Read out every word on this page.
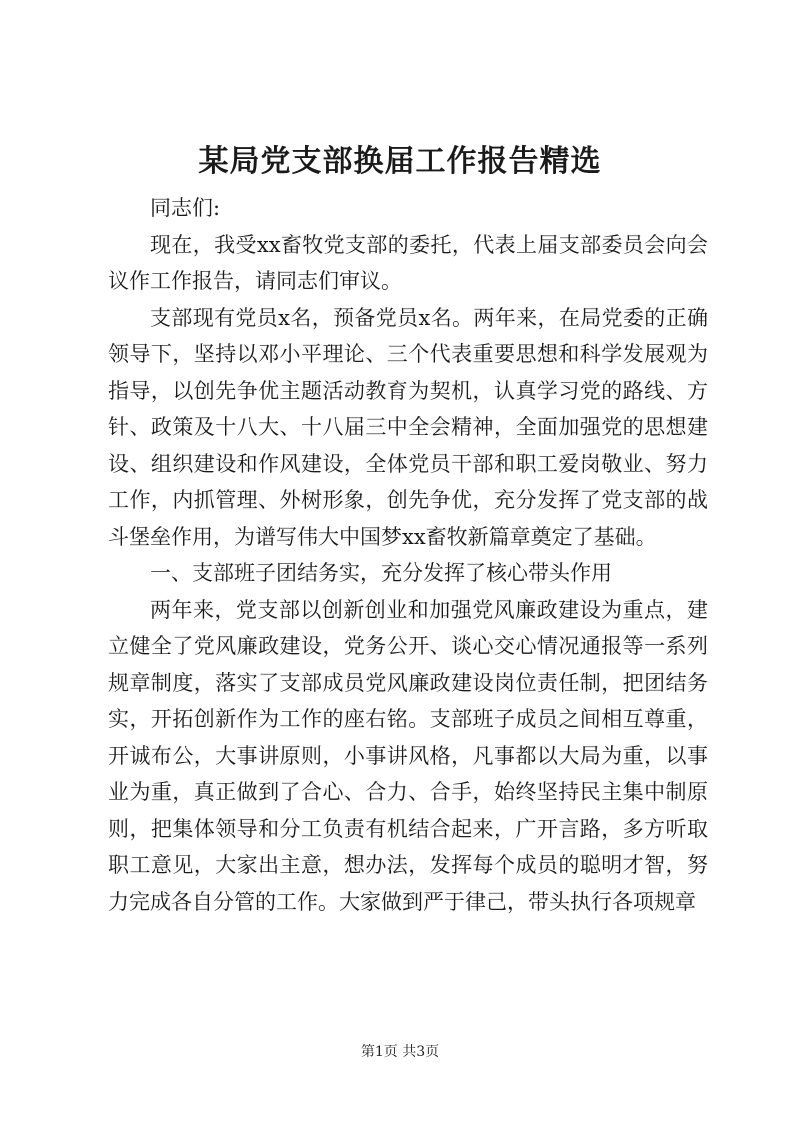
某局党支部换届工作报告精选

同志们:

现在，我受xx畜牧党支部的委托，代表上届支部委员会向会议作工作报告，请同志们审议。

支部现有党员x名，预备党员x名。两年来，在局党委的正确领导下，坚持以邓小平理论、三个代表重要思想和科学发展观为指导，以创先争优主题活动教育为契机，认真学习党的路线、方针、政策及十八大、十八届三中全会精神，全面加强党的思想建设、组织建设和作风建设，全体党员干部和职工爱岗敬业、努力工作，内抓管理、外树形象，创先争优，充分发挥了党支部的战斗堡垒作用，为谱写伟大中国梦xx畜牧新篇章奠定了基础。

一、支部班子团结务实，充分发挥了核心带头作用

两年来，党支部以创新创业和加强党风廉政建设为重点，建立健全了党风廉政建设，党务公开、谈心交心情况通报等一系列规章制度，落实了支部成员党风廉政建设岗位责任制，把团结务实，开拓创新作为工作的座右铭。支部班子成员之间相互尊重，开诚布公，大事讲原则，小事讲风格，凡事都以大局为重，以事业为重，真正做到了合心、合力、合手，始终坚持民主集中制原则，把集体领导和分工负责有机结合起来，广开言路，多方听取职工意见，大家出主意，想办法，发挥每个成员的聪明才智，努力完成各自分管的工作。大家做到严于律己，带头执行各项规章

第1页 共3页
